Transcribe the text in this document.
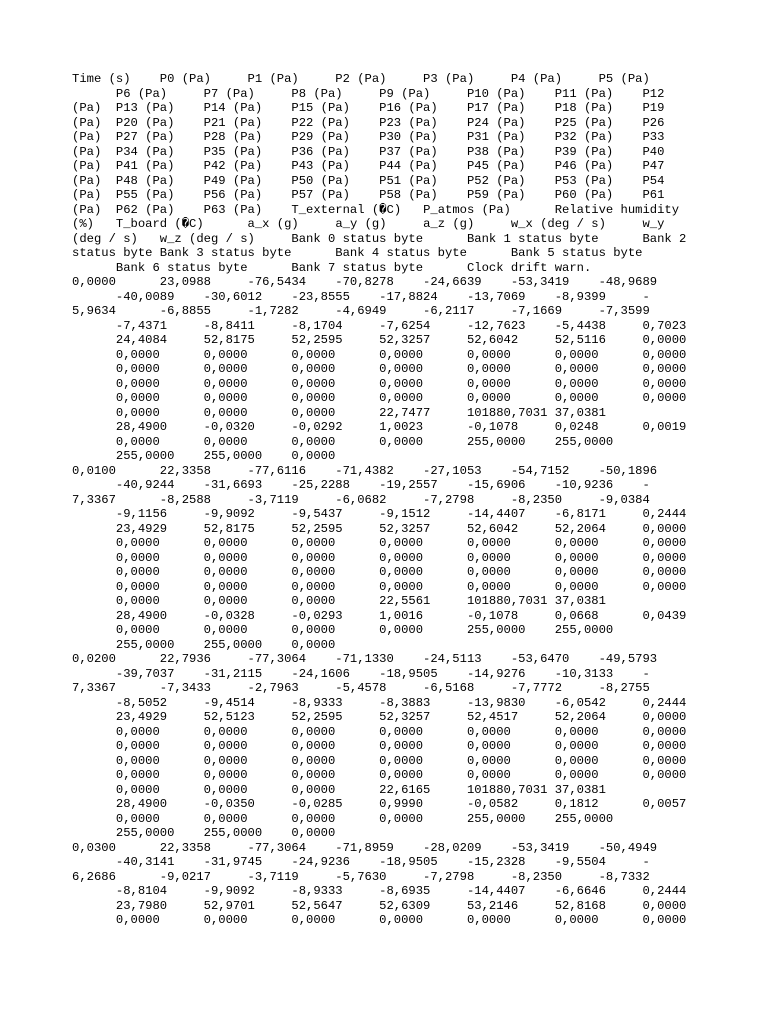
Time (s)    P0 (Pa)     P1 (Pa)     P2 (Pa)     P3 (Pa)     P4 (Pa)     P5 (Pa)
P6 (Pa)     P7 (Pa)     P8 (Pa)     P9 (Pa)     P10 (Pa)    P11 (Pa)    P12
(Pa)  P13 (Pa)    P14 (Pa)    P15 (Pa)    P16 (Pa)    P17 (Pa)    P18 (Pa)    P19
(Pa)  P20 (Pa)    P21 (Pa)    P22 (Pa)    P23 (Pa)    P24 (Pa)    P25 (Pa)    P26
(Pa)  P27 (Pa)    P28 (Pa)    P29 (Pa)    P30 (Pa)    P31 (Pa)    P32 (Pa)    P33
(Pa)  P34 (Pa)    P35 (Pa)    P36 (Pa)    P37 (Pa)    P38 (Pa)    P39 (Pa)    P40
(Pa)  P41 (Pa)    P42 (Pa)    P43 (Pa)    P44 (Pa)    P45 (Pa)    P46 (Pa)    P47
(Pa)  P48 (Pa)    P49 (Pa)    P50 (Pa)    P51 (Pa)    P52 (Pa)    P53 (Pa)    P54
(Pa)  P55 (Pa)    P56 (Pa)    P57 (Pa)    P58 (Pa)    P59 (Pa)    P60 (Pa)    P61
(Pa)  P62 (Pa)    P63 (Pa)    T_external (�C)   P_atmos (Pa)      Relative humidity
(%)   T_board (�C)      a_x (g)     a_y (g)     a_z (g)     w_x (deg / s)     w_y
(deg / s)   w_z (deg / s)     Bank 0 status byte      Bank 1 status byte      Bank 2
status byte Bank 3 status byte      Bank 4 status byte      Bank 5 status byte
Bank 6 status byte      Bank 7 status byte      Clock drift warn.
0,0000      23,0988     -76,5434    -70,8278    -24,6639    -53,3419    -48,9689
-40,0089    -30,6012    -23,8555    -17,8824    -13,7069    -8,9399     -
5,9634      -6,8855     -1,7282     -4,6949     -6,2117     -7,1669     -7,3599
-7,4371     -8,8411     -8,1704     -7,6254     -12,7623    -5,4438     0,7023
24,4084     52,8175     52,2595     52,3257     52,6042     52,5116     0,0000
0,0000      0,0000      0,0000      0,0000      0,0000      0,0000      0,0000
0,0000      0,0000      0,0000      0,0000      0,0000      0,0000      0,0000
0,0000      0,0000      0,0000      0,0000      0,0000      0,0000      0,0000
0,0000      0,0000      0,0000      0,0000      0,0000      0,0000      0,0000
0,0000      0,0000      0,0000      22,7477     101880,7031 37,0381
28,4900     -0,0320     -0,0292     1,0023      -0,1078     0,0248      0,0019
0,0000      0,0000      0,0000      0,0000      255,0000    255,0000
255,0000    255,0000    0,0000
0,0100      22,3358     -77,6116    -71,4382    -27,1053    -54,7152    -50,1896
-40,9244    -31,6693    -25,2288    -19,2557    -15,6906    -10,9236    -
7,3367      -8,2588     -3,7119     -6,0682     -7,2798     -8,2350     -9,0384
-9,1156     -9,9092     -9,5437     -9,1512     -14,4407    -6,8171     0,2444
23,4929     52,8175     52,2595     52,3257     52,6042     52,2064     0,0000
0,0000      0,0000      0,0000      0,0000      0,0000      0,0000      0,0000
0,0000      0,0000      0,0000      0,0000      0,0000      0,0000      0,0000
0,0000      0,0000      0,0000      0,0000      0,0000      0,0000      0,0000
0,0000      0,0000      0,0000      0,0000      0,0000      0,0000      0,0000
0,0000      0,0000      0,0000      22,5561     101880,7031 37,0381
28,4900     -0,0328     -0,0293     1,0016      -0,1078     0,0668      0,0439
0,0000      0,0000      0,0000      0,0000      255,0000    255,0000
255,0000    255,0000    0,0000
0,0200      22,7936     -77,3064    -71,1330    -24,5113    -53,6470    -49,5793
-39,7037    -31,2115    -24,1606    -18,9505    -14,9276    -10,3133    -
7,3367      -7,3433     -2,7963     -5,4578     -6,5168     -7,7772     -8,2755
-8,5052     -9,4514     -8,9333     -8,3883     -13,9830    -6,0542     0,2444
23,4929     52,5123     52,2595     52,3257     52,4517     52,2064     0,0000
0,0000      0,0000      0,0000      0,0000      0,0000      0,0000      0,0000
0,0000      0,0000      0,0000      0,0000      0,0000      0,0000      0,0000
0,0000      0,0000      0,0000      0,0000      0,0000      0,0000      0,0000
0,0000      0,0000      0,0000      0,0000      0,0000      0,0000      0,0000
0,0000      0,0000      0,0000      22,6165     101880,7031 37,0381
28,4900     -0,0350     -0,0285     0,9990      -0,0582     0,1812      0,0057
0,0000      0,0000      0,0000      0,0000      255,0000    255,0000
255,0000    255,0000    0,0000
0,0300      22,3358     -77,3064    -71,8959    -28,0209    -53,3419    -50,4949
-40,3141    -31,9745    -24,9236    -18,9505    -15,2328    -9,5504     -
6,2686      -9,0217     -3,7119     -5,7630     -7,2798     -8,2350     -8,7332
-8,8104     -9,9092     -8,9333     -8,6935     -14,4407    -6,6646     0,2444
23,7980     52,9701     52,5647     52,6309     53,2146     52,8168     0,0000
0,0000      0,0000      0,0000      0,0000      0,0000      0,0000      0,0000
